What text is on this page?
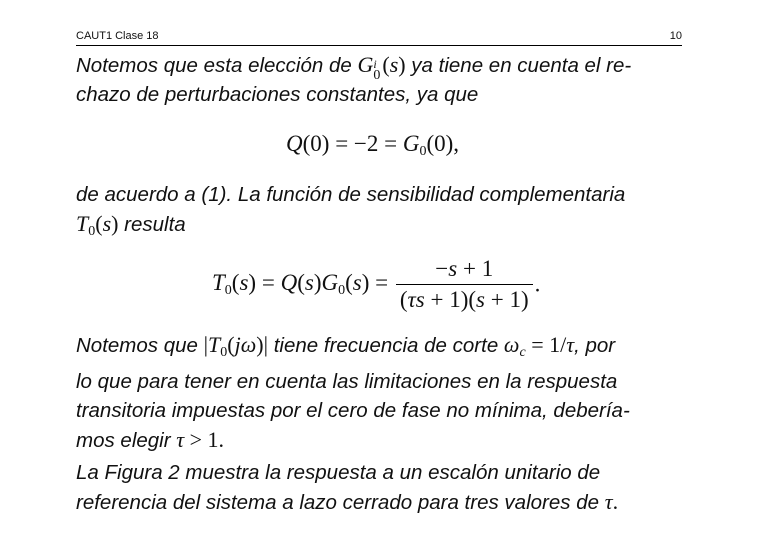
CAUT1 Clase 18	10
Notemos que esta elección de G i
0 (s) ya tiene en cuenta el re-
chazo de perturbaciones constantes, ya que
$Q(0) = -2 = G_0(0)$,
de acuerdo a (1). La función de sensibilidad complementaria
$T_0(s)$ resulta
$T_0(s) = Q(s)G_0(s) = \frac{-s + 1}{(\tau s + 1)(s + 1)}$ .
Notemos que $|T_0(j\omega)|$ tiene frecuencia de corte $\omega_c = 1/\tau$, por
lo que para tener en cuenta las limitaciones en la respuesta
transitoria impuestas por el cero de fase no mínima, debería-
mos elegir τ > 1.
La Figura 2 muestra la respuesta a un escalón unitario de
referencia del sistema a lazo cerrado para tres valores de τ.
